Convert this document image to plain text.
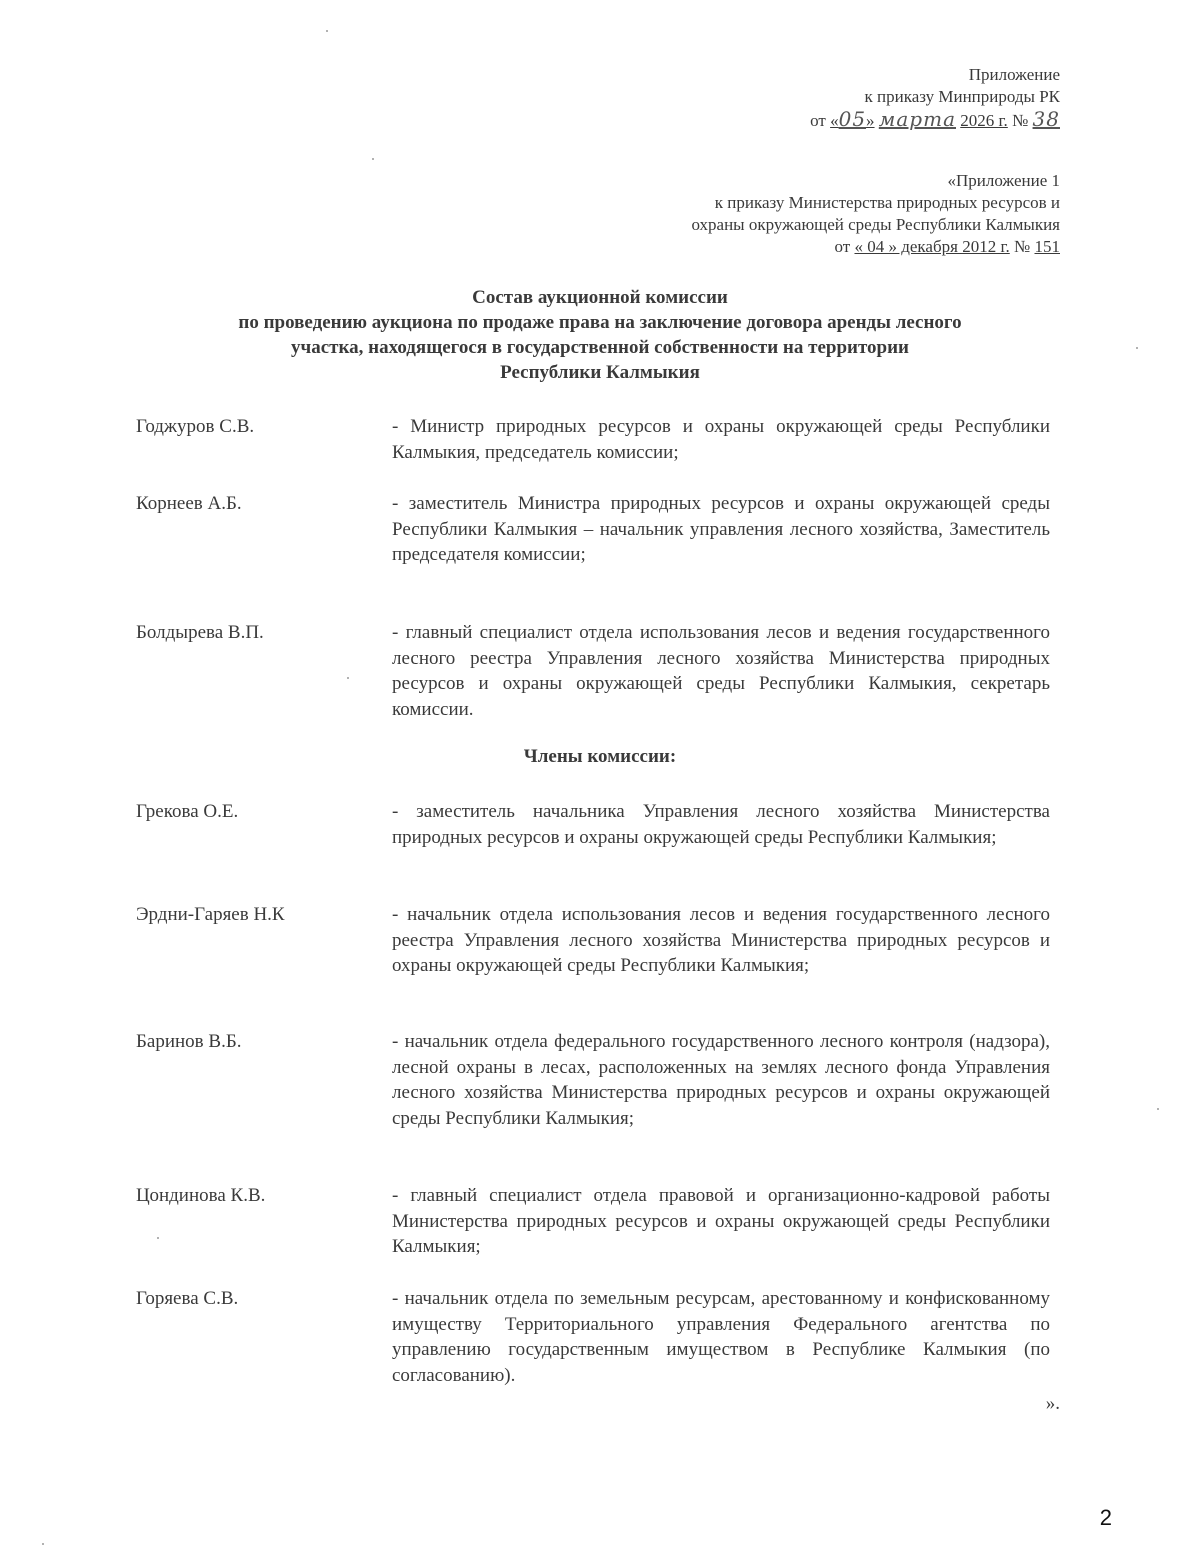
Приложение
к приказу Минприроды РК
от «05» марта 2026 г. № 38
«Приложение 1
к приказу Министерства природных ресурсов и
охраны окружающей среды Республики Калмыкия
от « 04 » декабря 2012 г. № 151
Состав аукционной комиссии
по проведению аукциона по продаже права на заключение договора аренды лесного
участка, находящегося в государственной собственности на территории
Республики Калмыкия
Годжуров С.В.	- Министр природных ресурсов и охраны окружающей среды Республики Калмыкия, председатель комиссии;
Корнеев А.Б.	- заместитель Министра природных ресурсов и охраны окружающей среды Республики Калмыкия – начальник управления лесного хозяйства, Заместитель председателя комиссии;
Болдырева В.П.	- главный специалист отдела использования лесов и ведения государственного лесного реестра Управления лесного хозяйства Министерства природных ресурсов и охраны окружающей среды Республики Калмыкия, секретарь комиссии.
Члены комиссии:
Грекова О.Е.	- заместитель начальника Управления лесного хозяйства Министерства природных ресурсов и охраны окружающей среды Республики Калмыкия;
Эрдни-Гаряев Н.К	- начальник отдела использования лесов и ведения государственного лесного реестра Управления лесного хозяйства Министерства природных ресурсов и охраны окружающей среды Республики Калмыкия;
Баринов В.Б.	- начальник отдела федерального государственного лесного контроля (надзора), лесной охраны в лесах, расположенных на землях лесного фонда Управления лесного хозяйства Министерства природных ресурсов и охраны окружающей среды Республики Калмыкия;
Цондинова К.В.	- главный специалист отдела правовой и организационно-кадровой работы Министерства природных ресурсов и охраны окружающей среды Республики Калмыкия;
Горяева С.В.	- начальник отдела по земельным ресурсам, арестованному и конфискованному имуществу Территориального управления Федерального агентства по управлению государственным имуществом в Республике Калмыкия (по согласованию).
».
2
